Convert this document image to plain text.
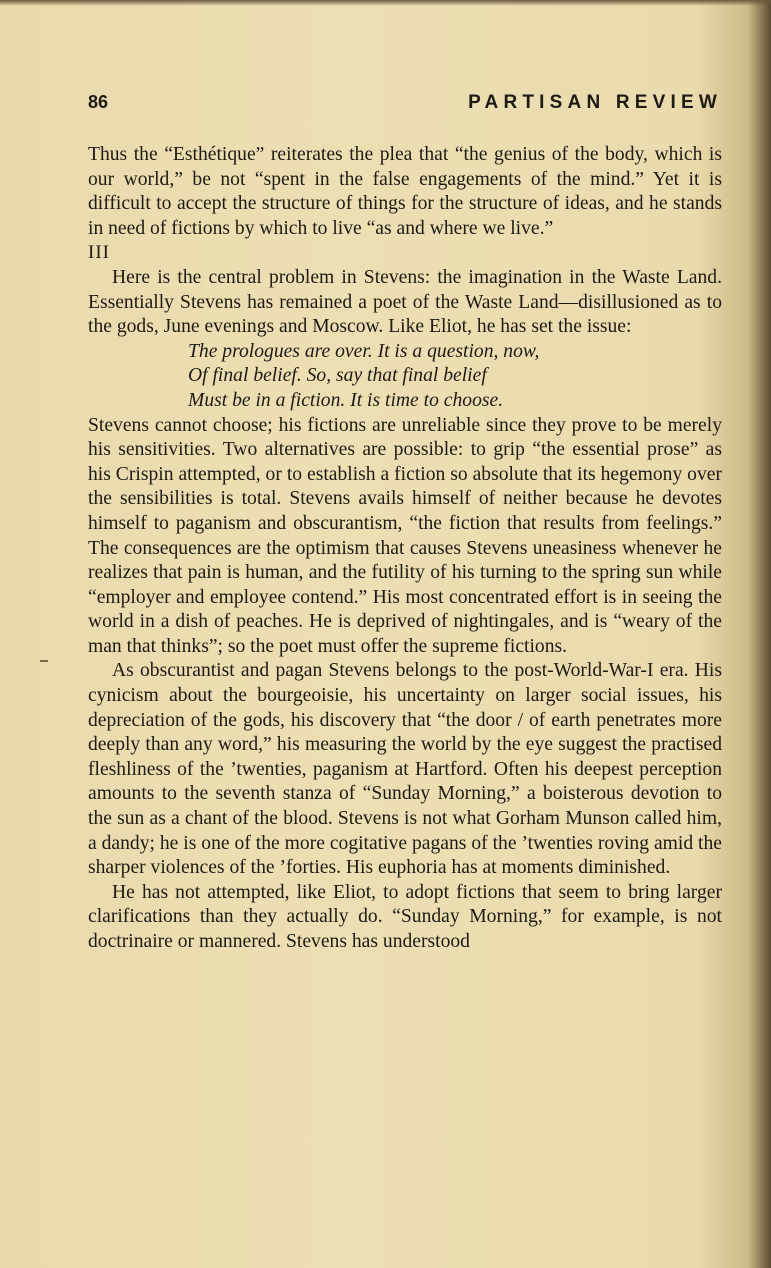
86	PARTISAN REVIEW

Thus the “Esthétique” reiterates the plea that “the genius of the body, which is our world,” be not “spent in the false engagements of the mind.” Yet it is difficult to accept the structure of things for the structure of ideas, and he stands in need of fictions by which to live “as and where we live.”

III

Here is the central problem in Stevens: the imagination in the Waste Land. Essentially Stevens has remained a poet of the Waste Land—disillusioned as to the gods, June evenings and Moscow. Like Eliot, he has set the issue:

The prologues are over. It is a question, now,
Of final belief. So, say that final belief
Must be in a fiction. It is time to choose.

Stevens cannot choose; his fictions are unreliable since they prove to be merely his sensitivities. Two alternatives are possible: to grip “the essential prose” as his Crispin attempted, or to establish a fiction so absolute that its hegemony over the sensibilities is total. Stevens avails himself of neither because he devotes himself to paganism and obscurantism, “the fiction that results from feelings.” The consequences are the optimism that causes Stevens uneasiness whenever he realizes that pain is human, and the futility of his turning to the spring sun while “employer and employee contend.” His most concentrated effort is in seeing the world in a dish of peaches. He is deprived of nightingales, and is “weary of the man that thinks”; so the poet must offer the supreme fictions.

As obscurantist and pagan Stevens belongs to the post-World-War-I era. His cynicism about the bourgeoisie, his uncertainty on larger social issues, his depreciation of the gods, his discovery that “the door / of earth penetrates more deeply than any word,” his measuring the world by the eye suggest the practised fleshliness of the ’twenties, paganism at Hartford. Often his deepest perception amounts to the seventh stanza of “Sunday Morning,” a boisterous devotion to the sun as a chant of the blood. Stevens is not what Gorham Munson called him, a dandy; he is one of the more cogitative pagans of the ’twenties roving amid the sharper violences of the ’forties. His euphoria has at moments diminished.

He has not attempted, like Eliot, to adopt fictions that seem to bring larger clarifications than they actually do. “Sunday Morning,” for example, is not doctrinaire or mannered. Stevens has understood
